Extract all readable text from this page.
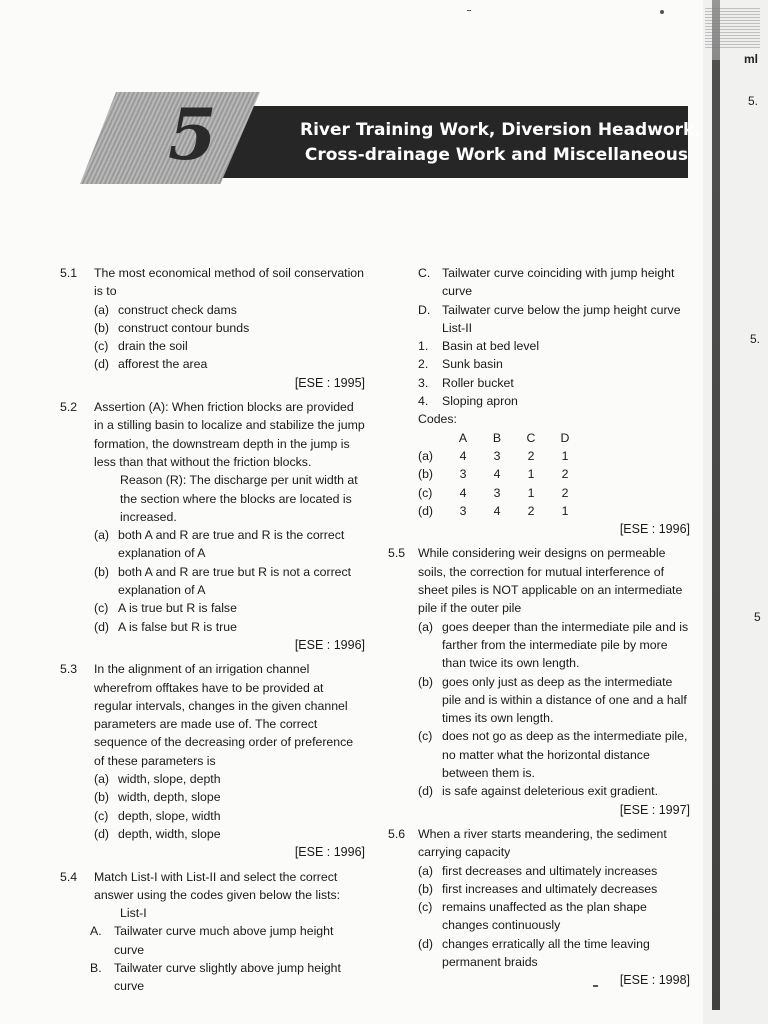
5	River Training Work, Diversion Headwork,
Cross-drainage Work and Miscellaneous
5.1 The most economical method of soil conservation is to
(a) construct check dams
(b) construct contour bunds
(c) drain the soil
(d) afforest the area
[ESE : 1995]
5.2 Assertion (A): When friction blocks are provided in a stilling basin to localize and stabilize the jump formation, the downstream depth in the jump is less than that without the friction blocks.
Reason (R): The discharge per unit width at the section where the blocks are located is increased.
(a) both A and R are true and R is the correct explanation of A
(b) both A and R are true but R is not a correct explanation of A
(c) A is true but R is false
(d) A is false but R is true
[ESE : 1996]
5.3 In the alignment of an irrigation channel wherefrom offtakes have to be provided at regular intervals, changes in the given channel parameters are made use of. The correct sequence of the decreasing order of preference of these parameters is
(a) width, slope, depth
(b) width, depth, slope
(c) depth, slope, width
(d) depth, width, slope
[ESE : 1996]
5.4 Match List-I with List-II and select the correct answer using the codes given below the lists:
List-I
A.	Tailwater curve much above jump height curve
B.	Tailwater curve slightly above jump height curve
C. Tailwater curve coinciding with jump height curve
D. Tailwater curve below the jump height curve
List-II
1.	Basin at bed level
2.	Sunk basin
3.	Roller bucket
4.	Sloping apron
Codes:
	A	B	C	D
(a)	4	3	2	1
(b)	3	4	1	2
(c)	4	3	1	2
(d)	3	4	2	1
[ESE : 1996]
5.5 While considering weir designs on permeable soils, the correction for mutual interference of sheet piles is NOT applicable on an intermediate pile if the outer pile
(a) goes deeper than the intermediate pile and is farther from the intermediate pile by more than twice its own length.
(b) goes only just as deep as the intermediate pile and is within a distance of one and a half times its own length.
(c) does not go as deep as the intermediate pile, no matter what the horizontal distance between them is.
(d) is safe against deleterious exit gradient.
[ESE : 1997]
5.6 When a river starts meandering, the sediment carrying capacity
(a) first decreases and ultimately increases
(b) first increases and ultimately decreases
(c) remains unaffected as the plan shape changes continuously
(d) changes erratically all the time leaving permanent braids
[ESE : 1998]
ml
5.
5.
5
